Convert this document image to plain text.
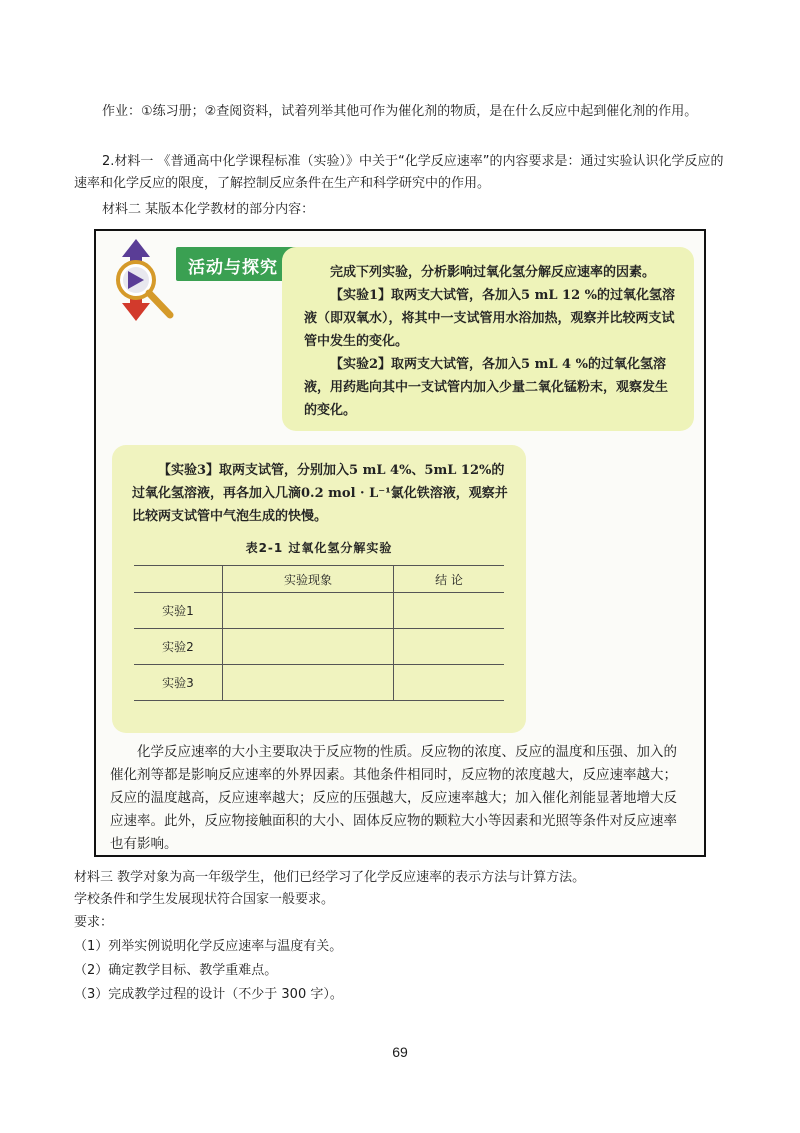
作业：①练习册；②查阅资料，试着列举其他可作为催化剂的物质，是在什么反应中起到催化剂的作用。

2.材料一 《普通高中化学课程标准（实验）》中关于“化学反应速率”的内容要求是：通过实验认识化学反应的速率和化学反应的限度，了解控制反应条件在生产和科学研究中的作用。

材料二 某版本化学教材的部分内容：

活动与探究	完成下列实验，分析影响过氧化氢分解反应速率的因素。

【实验1】取两支大试管，各加入5 mL 12 %的过氧化氢溶液（即双氧水），将其中一支试管用水浴加热，观察并比较两支试管中发生的变化。

【实验2】取两支大试管，各加入5 mL 4 %的过氧化氢溶液，用药匙向其中一支试管内加入少量二氧化锰粉末，观察发生的变化。

【实验3】取两支试管，分别加入5 mL 4%、5mL 12%的过氧化氢溶液，再各加入几滴0.2 mol · L⁻¹氯化铁溶液，观察并比较两支试管中气泡生成的快慢。

表2-1 过氧化氢分解实验
	实验现象	结 论
实验1		
实验2		
实验3		

化学反应速率的大小主要取决于反应物的性质。反应物的浓度、反应的温度和压强、加入的催化剂等都是影响反应速率的外界因素。其他条件相同时，反应物的浓度越大，反应速率越大；反应的温度越高，反应速率越大；反应的压强越大，反应速率越大；加入催化剂能显著地增大反应速率。此外，反应物接触面积的大小、固体反应物的颗粒大小等因素和光照等条件对反应速率也有影响。

材料三 教学对象为高一年级学生，他们已经学习了化学反应速率的表示方法与计算方法。

学校条件和学生发展现状符合国家一般要求。

要求：

（1）列举实例说明化学反应速率与温度有关。

（2）确定教学目标、教学重难点。

（3）完成教学过程的设计（不少于 300 字）。

69
